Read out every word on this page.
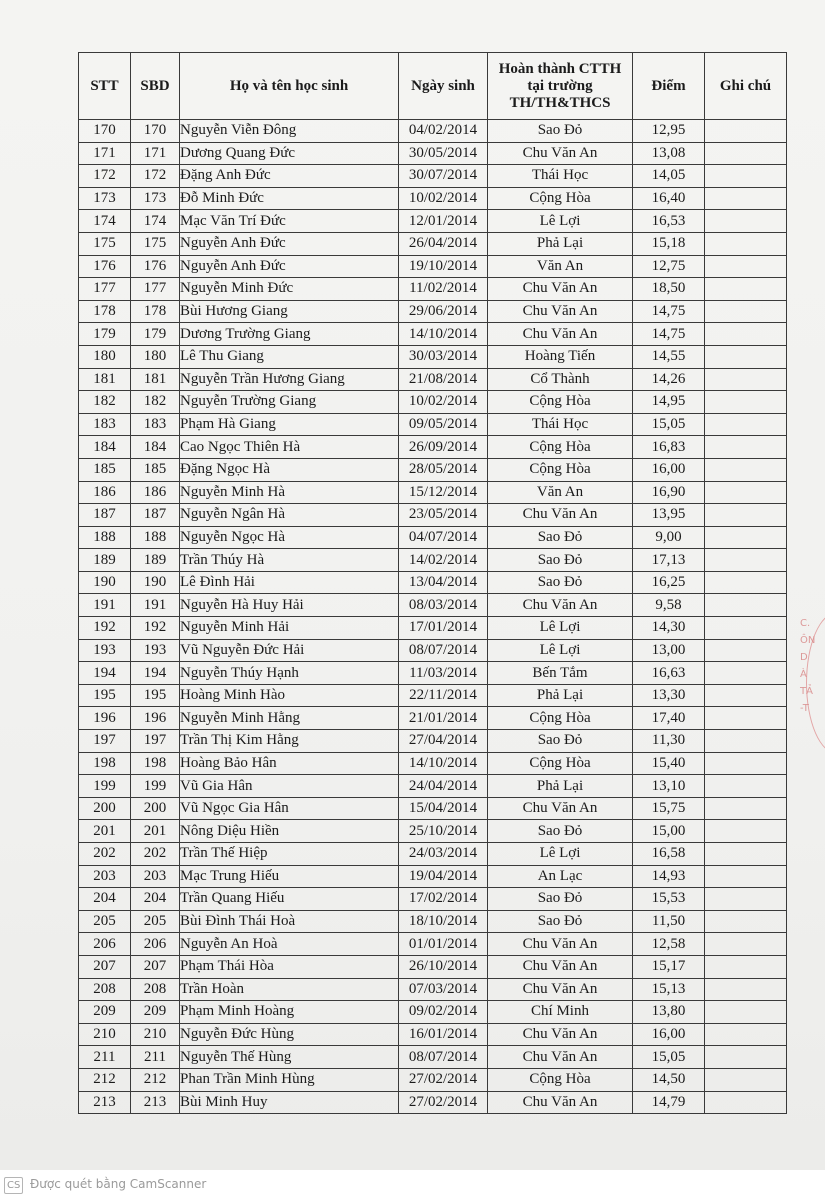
STT	SBD	Họ và tên học sinh	Ngày sinh	Hoàn thành CTTH
tại trường
TH/TH&THCS	Điểm	Ghi chú
170	170	Nguyễn Viễn Đông	04/02/2014	Sao Đỏ	12,95	
171	171	Dương Quang Đức	30/05/2014	Chu Văn An	13,08	
172	172	Đặng Anh Đức	30/07/2014	Thái Học	14,05	
173	173	Đỗ Minh Đức	10/02/2014	Cộng Hòa	16,40	
174	174	Mạc Văn Trí Đức	12/01/2014	Lê Lợi	16,53	
175	175	Nguyễn Anh Đức	26/04/2014	Phả Lại	15,18	
176	176	Nguyễn Anh Đức	19/10/2014	Văn An	12,75	
177	177	Nguyễn Minh Đức	11/02/2014	Chu Văn An	18,50	
178	178	Bùi Hương Giang	29/06/2014	Chu Văn An	14,75	
179	179	Dương Trường Giang	14/10/2014	Chu Văn An	14,75	
180	180	Lê Thu Giang	30/03/2014	Hoàng Tiến	14,55	
181	181	Nguyễn Trần Hương Giang	21/08/2014	Cổ Thành	14,26	
182	182	Nguyễn Trường Giang	10/02/2014	Cộng Hòa	14,95	
183	183	Phạm Hà Giang	09/05/2014	Thái Học	15,05	
184	184	Cao Ngọc Thiên Hà	26/09/2014	Cộng Hòa	16,83	
185	185	Đặng Ngọc Hà	28/05/2014	Cộng Hòa	16,00	
186	186	Nguyễn Minh Hà	15/12/2014	Văn An	16,90	
187	187	Nguyễn Ngân Hà	23/05/2014	Chu Văn An	13,95	
188	188	Nguyễn Ngọc Hà	04/07/2014	Sao Đỏ	9,00	
189	189	Trần Thúy Hà	14/02/2014	Sao Đỏ	17,13	
190	190	Lê Đình Hải	13/04/2014	Sao Đỏ	16,25	
191	191	Nguyễn Hà Huy Hải	08/03/2014	Chu Văn An	9,58	
192	192	Nguyễn Minh Hải	17/01/2014	Lê Lợi	14,30	
193	193	Vũ Nguyễn Đức Hải	08/07/2014	Lê Lợi	13,00	
194	194	Nguyễn Thúy Hạnh	11/03/2014	Bến Tắm	16,63	
195	195	Hoàng Minh Hào	22/11/2014	Phả Lại	13,30	
196	196	Nguyễn Minh Hằng	21/01/2014	Cộng Hòa	17,40	
197	197	Trần Thị Kim Hằng	27/04/2014	Sao Đỏ	11,30	
198	198	Hoàng Bảo Hân	14/10/2014	Cộng Hòa	15,40	
199	199	Vũ Gia Hân	24/04/2014	Phả Lại	13,10	
200	200	Vũ Ngọc Gia Hân	15/04/2014	Chu Văn An	15,75	
201	201	Nông Diệu Hiền	25/10/2014	Sao Đỏ	15,00	
202	202	Trần Thế Hiệp	24/03/2014	Lê Lợi	16,58	
203	203	Mạc Trung Hiếu	19/04/2014	An Lạc	14,93	
204	204	Trần Quang Hiếu	17/02/2014	Sao Đỏ	15,53	
205	205	Bùi Đình Thái Hoà	18/10/2014	Sao Đỏ	11,50	
206	206	Nguyễn An Hoà	01/01/2014	Chu Văn An	12,58	
207	207	Phạm Thái Hòa	26/10/2014	Chu Văn An	15,17	
208	208	Trần Hoàn	07/03/2014	Chu Văn An	15,13	
209	209	Phạm Minh Hoàng	09/02/2014	Chí Minh	13,80	
210	210	Nguyễn Đức Hùng	16/01/2014	Chu Văn An	16,00	
211	211	Nguyễn Thế Hùng	08/07/2014	Chu Văn An	15,05	
212	212	Phan Trần Minh Hùng	27/02/2014	Cộng Hòa	14,50	
213	213	Bùi Minh Huy	27/02/2014	Chu Văn An	14,79	
C.
ÔN
D
À
TẢ
-T
CS Được quét bằng CamScanner
